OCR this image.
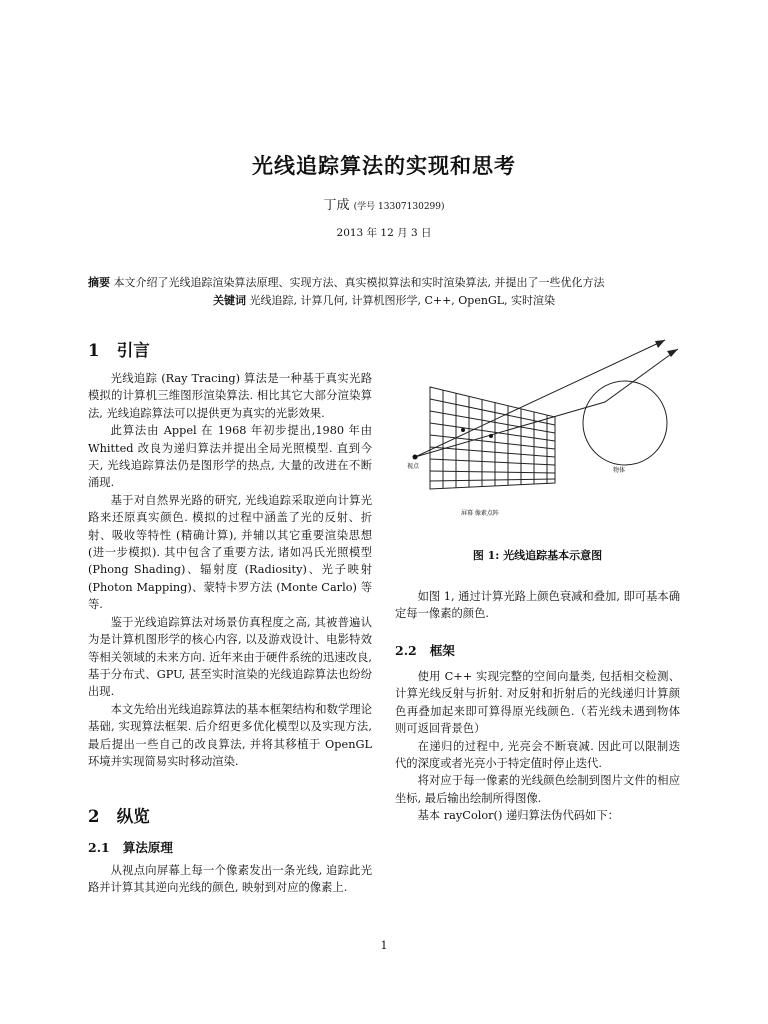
光线追踪算法的实现和思考
丁成 (学号 13307130299)
2013 年 12 月 3 日
摘要 本文介绍了光线追踪渲染算法原理、实现方法、真实模拟算法和实时渲染算法, 并提出了一些优化方法
关键词 光线追踪, 计算几何, 计算机图形学, C++, OpenGL, 实时渲染
1 引言

光线追踪 (Ray Tracing) 算法是一种基于真实光路模拟的计算机三维图形渲染算法. 相比其它大部分渲染算法, 光线追踪算法可以提供更为真实的光影效果.

此算法由 Appel 在 1968 年初步提出,1980 年由 Whitted 改良为递归算法并提出全局光照模型. 直到今天, 光线追踪算法仍是图形学的热点, 大量的改进在不断涌现.

基于对自然界光路的研究, 光线追踪采取逆向计算光路来还原真实颜色. 模拟的过程中涵盖了光的反射、折射、吸收等特性 (精确计算), 并辅以其它重要渲染思想 (进一步模拟). 其中包含了重要方法, 诸如冯氏光照模型 (Phong Shading)、辐射度 (Radiosity)、光子映射 (Photon Mapping)、蒙特卡罗方法 (Monte Carlo) 等等.

鉴于光线追踪算法对场景仿真程度之高, 其被普遍认为是计算机图形学的核心内容, 以及游戏设计、电影特效等相关领域的未来方向. 近年来由于硬件系统的迅速改良, 基于分布式、GPU, 甚至实时渲染的光线追踪算法也纷纷出现.

本文先给出光线追踪算法的基本框架结构和数学理论基础, 实现算法框架. 后介绍更多优化模型以及实现方法, 最后提出一些自己的改良算法, 并将其移植于 OpenGL 环境并实现简易实时移动渲染.

2 纵览
2.1 算法原理

从视点向屏幕上每一个像素发出一条光线, 追踪此光路并计算其其逆向光线的颜色, 映射到对应的像素上.

视点
物体
屏幕 像素点阵
图 1: 光线追踪基本示意图

如图 1, 通过计算光路上颜色衰减和叠加, 即可基本确定每一像素的颜色.

2.2 框架

使用 C++ 实现完整的空间向量类, 包括相交检测、计算光线反射与折射. 对反射和折射后的光线递归计算颜色再叠加起来即可算得原光线颜色.（若光线未遇到物体则可返回背景色）

在递归的过程中, 光亮会不断衰减. 因此可以限制迭代的深度或者光亮小于特定值时停止迭代.

将对应于每一像素的光线颜色绘制到图片文件的相应坐标, 最后输出绘制所得图像.

基本 rayColor() 递归算法伪代码如下：

1
